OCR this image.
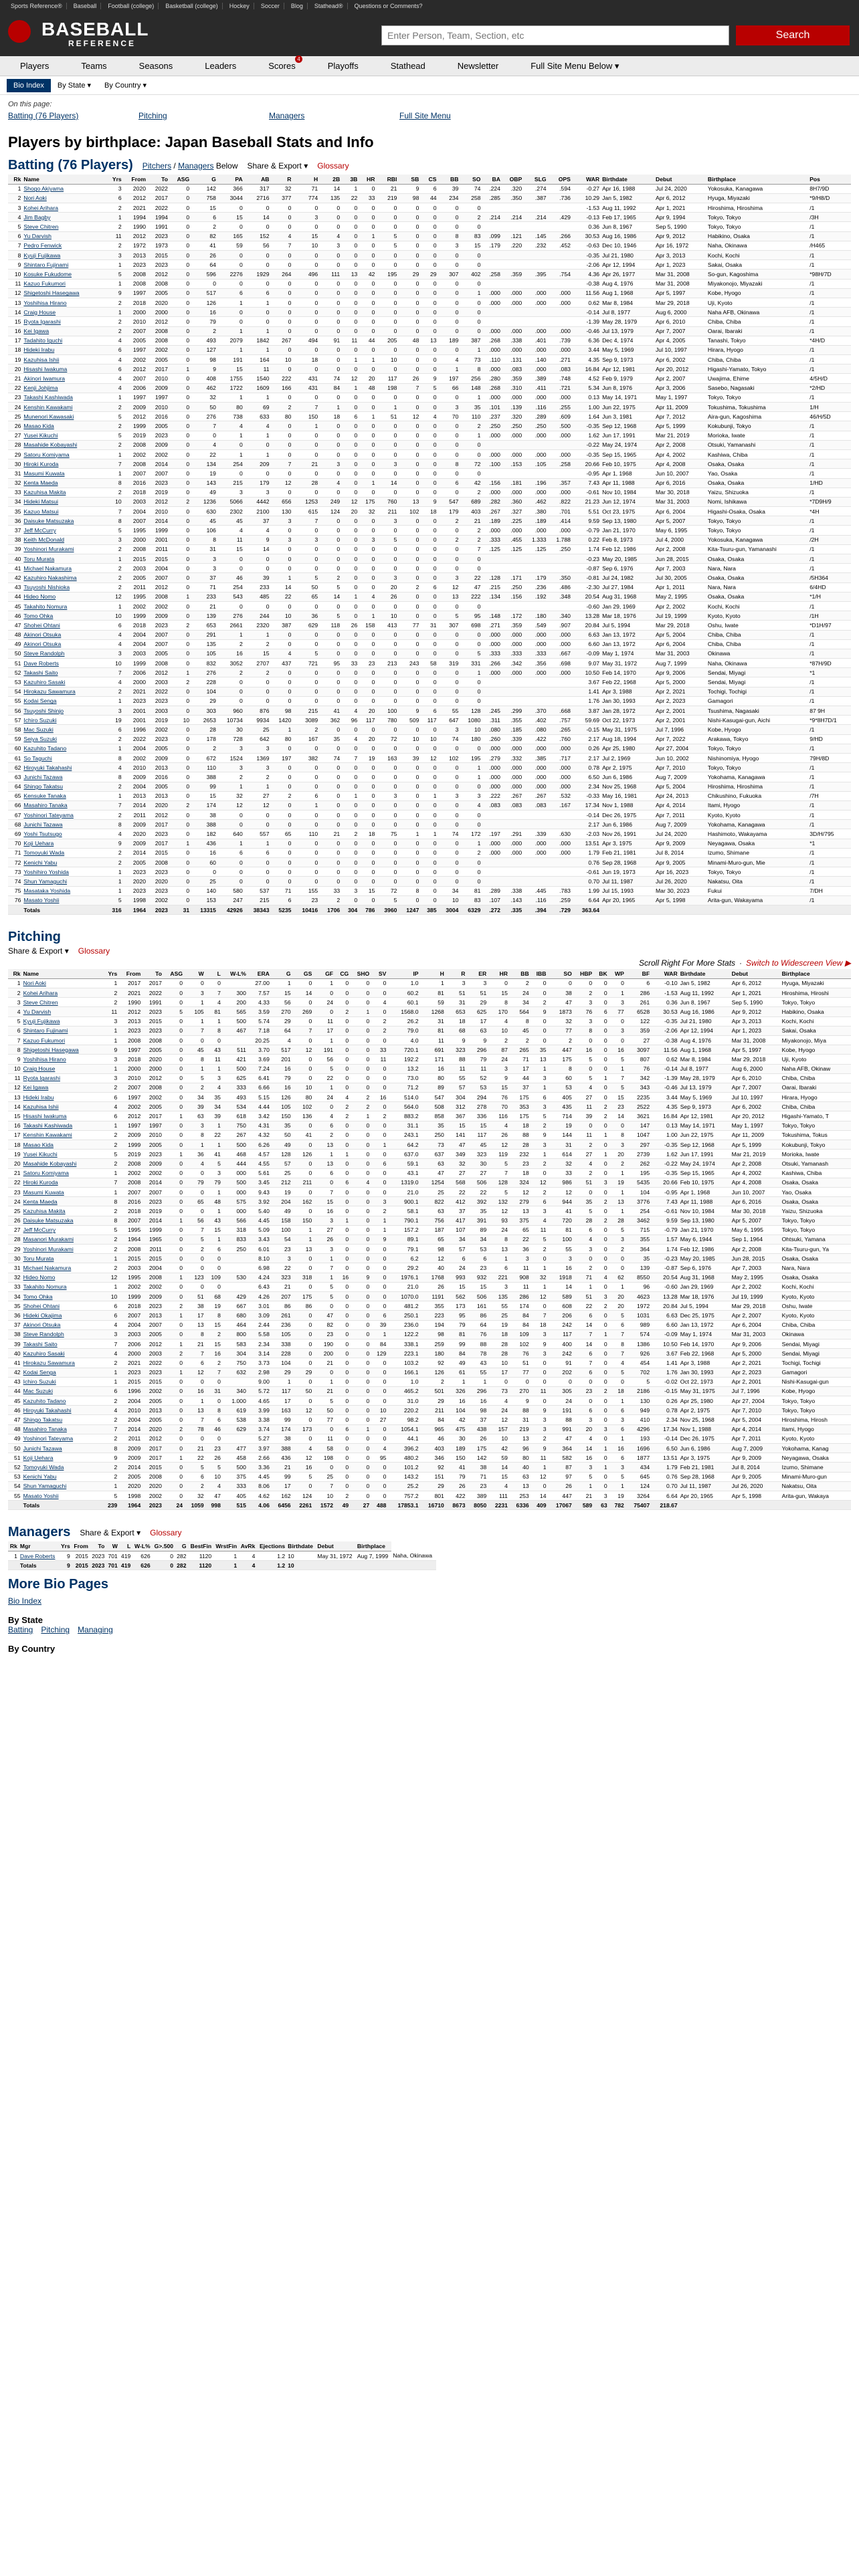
Sports Reference®	Baseball	Football (college)	Basketball (college)	Hockey	Soccer	Blog	Stathead®	Questions or Comments?
BASEBALL
REFERENCE
Enter Person, Team, Section, etc
Search
Players	Teams	Seasons	Leaders	Scores
4
Playoffs	Stathead	Newsletter	Full Site Menu Below ▾
Bio Index	By State ▾	By Country ▾
On this page:
Batting (76 Players)	Pitching	Managers	Full Site Menu
Players by birthplace: Japan Baseball Stats and Info
Batting (76 Players) Pitchers / Managers Below Share & Export ▾ Glossary
Rk	Name	Yrs	From	To	ASG	G	PA	AB	R	H	2B	3B	HR	RBI	SB	CS	BB	SO	BA	OBP	SLG	OPS	WAR	Birthdate	Debut	Birthplace	Pos
1	Shogo Akiyama	3	2020	2022	0	142	366	317	32	71	14	1	0	21	9	6	39	74	.224	.320	.274	.594	-0.27	Apr 16, 1988	Jul 24, 2020	Yokosuka, Kanagawa	8H7/9D
2	Nori Aoki	6	2012	2017	0	758	3044	2716	377	774	135	22	33	219	98	44	234	258	.285	.350	.387	.736	10.29	Jan 5, 1982	Apr 6, 2012	Hyuga, Miyazaki	*9/H8/D
3	Kohei Arihara	2	2021	2022	0	15	0	0	0	0	0	0	0	0	0	0	0	0					-1.53	Aug 11, 1992	Apr 1, 2021	Hiroshima, Hiroshima	/1
4	Jim Bagby	1	1994	1994	0	6	15	14	0	3	0	0	0	0	0	0	0	2	.214	.214	.214	.429	-0.13	Feb 17, 1965	Apr 9, 1994	Tokyo, Tokyo	/3H
5	Steve Chitren	2	1990	1991	0	2	0	0	0	0	0	0	0	0	0	0	0	0					0.36	Jun 8, 1967	Sep 5, 1990	Tokyo, Tokyo	/1
6	Yu Darvish	11	2012	2023	0	82	165	152	4	15	4	0	1	5	0	0	8	83	.099	.121	.145	.266	30.53	Aug 16, 1986	Apr 9, 2012	Habikino, Osaka	/1
7	Pedro Fenwick	2	1972	1973	0	41	59	56	7	10	3	0	0	5	0	0	3	15	.179	.220	.232	.452	-0.63	Dec 10, 1946	Apr 16, 1972	Naha, Okinawa	/H465
8	Kyuji Fujikawa	3	2013	2015	0	26	0	0	0	0	0	0	0	0	0	0	0	0					-0.35	Jul 21, 1980	Apr 3, 2013	Kochi, Kochi	/1
9	Shintaro Fujinami	1	2023	2023	0	64	0	0	0	0	0	0	0	0	0	0	0	0					-2.06	Apr 12, 1994	Apr 1, 2023	Sakai, Osaka	/1
10	Kosuke Fukudome	5	2008	2012	0	596	2276	1929	264	496	111	13	42	195	29	29	307	402	.258	.359	.395	.754	4.36	Apr 26, 1977	Mar 31, 2008	So-gun, Kagoshima	*98H/7D
11	Kazuo Fukumori	1	2008	2008	0	0	0	0	0	0	0	0	0	0	0	0	0	0					-0.38	Aug 4, 1976	Mar 31, 2008	Miyakonojo, Miyazaki	/1
12	Shigetoshi Hasegawa	9	1997	2005	0	517	6	6	0	0	0	0	0	0	0	0	0	1	.000	.000	.000	.000	11.56	Aug 1, 1968	Apr 5, 1997	Kobe, Hyogo	/1
13	Yoshihisa Hirano	2	2018	2020	0	126	1	1	0	0	0	0	0	0	0	0	0	0	.000	.000	.000	.000	0.62	Mar 8, 1984	Mar 29, 2018	Uji, Kyoto	/1
14	Craig House	1	2000	2000	0	16	0	0	0	0	0	0	0	0	0	0	0	0					-0.14	Jul 8, 1977	Aug 6, 2000	Naha AFB, Okinawa	/1
15	Ryota Igarashi	2	2010	2012	0	79	0	0	0	0	0	0	0	0	0	0	0	0					-1.39	May 28, 1979	Apr 6, 2010	Chiba, Chiba	/1
16	Kei Igawa	2	2007	2008	0	2	1	1	0	0	0	0	0	0	0	0	0	0	.000	.000	.000	.000	-0.46	Jul 13, 1979	Apr 7, 2007	Oarai, Ibaraki	/1
17	Tadahito Iguchi	4	2005	2008	0	493	2079	1842	267	494	91	11	44	205	48	13	189	387	.268	.338	.401	.739	6.36	Dec 4, 1974	Apr 4, 2005	Tanashi, Tokyo	*4H/D
18	Hideki Irabu	6	1997	2002	0	127	1	1	0	0	0	0	0	0	0	0	0	1	.000	.000	.000	.000	3.44	May 5, 1969	Jul 10, 1997	Hirara, Hyogo	/1
19	Kazuhisa Ishii	4	2002	2005	0	98	191	164	10	18	0	1	1	10	0	0	4	73	.110	.131	.140	.271	4.35	Sep 9, 1973	Apr 6, 2002	Chiba, Chiba	/1
20	Hisashi Iwakuma	6	2012	2017	1	9	15	11	0	0	0	0	0	0	0	0	1	8	.000	.083	.000	.083	16.84	Apr 12, 1981	Apr 20, 2012	Higashi-Yamato, Tokyo	/1
21	Akinori Iwamura	4	2007	2010	0	408	1755	1540	222	431	74	12	20	117	26	9	197	256	.280	.359	.389	.748	4.52	Feb 9, 1979	Apr 2, 2007	Uwajima, Ehime	4/5H/D
22	Kenji Johjima	4	2006	2009	0	462	1722	1609	166	431	84	1	48	198	7	5	66	148	.268	.310	.411	.721	5.34	Jun 8, 1976	Apr 3, 2006	Sasebo, Nagasaki	*2/HD
23	Takashi Kashiwada	1	1997	1997	0	32	1	1	0	0	0	0	0	0	0	0	0	1	.000	.000	.000	.000	0.13	May 14, 1971	May 1, 1997	Tokyo, Tokyo	/1
24	Kenshin Kawakami	2	2009	2010	0	50	80	69	2	7	1	0	0	1	0	0	3	35	.101	.139	.116	.255	1.00	Jun 22, 1975	Apr 11, 2009	Tokushima, Tokushima	1/H
25	Munenori Kawasaki	5	2012	2016	0	276	738	633	80	150	18	6	1	51	12	4	70	110	.237	.320	.289	.609	1.64	Jun 3, 1981	Apr 7, 2012	Aira-gun, Kagoshima	46/H/5D
26	Masao Kida	2	1999	2005	0	7	4	4	0	1	0	0	0	0	0	0	0	2	.250	.250	.250	.500	-0.35	Sep 12, 1968	Apr 5, 1999	Kokubunji, Tokyo	/1
27	Yusei Kikuchi	5	2019	2023	0	0	1	1	0	0	0	0	0	0	0	0	0	1	.000	.000	.000	.000	1.62	Jun 17, 1991	Mar 21, 2019	Morioka, Iwate	/1
28	Masahide Kobayashi	2	2008	2009	0	4	0	0	0	0	0	0	0	0	0	0	0	0					-0.22	May 24, 1974	Apr 2, 2008	Otsuki, Yamanashi	/1
29	Satoru Komiyama	1	2002	2002	0	22	1	1	0	0	0	0	0	0	0	0	0	0	.000	.000	.000	.000	-0.35	Sep 15, 1965	Apr 4, 2002	Kashiwa, Chiba	/1
30	Hiroki Kuroda	7	2008	2014	0	134	254	209	7	21	3	0	0	3	0	0	8	72	.100	.153	.105	.258	20.66	Feb 10, 1975	Apr 4, 2008	Osaka, Osaka	/1
31	Masumi Kuwata	1	2007	2007	0	19	0	0	0	0	0	0	0	0	0	0	0	0					-0.95	Apr 1, 1968	Jun 10, 2007	Yao, Osaka	/1
32	Kenta Maeda	8	2016	2023	0	143	215	179	12	28	4	0	1	14	0	0	6	42	.156	.181	.196	.357	7.43	Apr 11, 1988	Apr 6, 2016	Osaka, Osaka	1/HD
33	Kazuhisa Makita	2	2018	2019	0	49	3	3	0	0	0	0	0	0	0	0	0	2	.000	.000	.000	.000	-0.61	Nov 10, 1984	Mar 30, 2018	Yaizu, Shizuoka	/1
34	Hideki Matsui	10	2003	2012	2	1236	5066	4442	656	1253	249	12	175	760	13	9	547	689	.282	.360	.462	.822	21.23	Jun 12, 1974	Mar 31, 2003	Nomi, Ishikawa	*7D9H/9
35	Kazuo Matsui	7	2004	2010	0	630	2302	2100	130	615	124	20	32	211	102	18	179	403	.267	.327	.380	.701	5.51	Oct 23, 1975	Apr 6, 2004	Higashi-Osaka, Osaka	*4H
36	Daisuke Matsuzaka	8	2007	2014	0	45	45	37	3	7	0	0	0	3	0	0	2	21	.189	.225	.189	.414	9.59	Sep 13, 1980	Apr 5, 2007	Tokyo, Tokyo	/1
37	Jeff McCurry	5	1995	1999	0	106	4	4	0	0	0	0	0	0	0	0	0	2	.000	.000	.000	.000	-0.79	Jan 21, 1970	May 6, 1995	Tokyo, Tokyo	/1
38	Keith McDonald	3	2000	2001	0	8	11	9	3	3	0	0	3	5	0	0	2	2	.333	.455	1.333	1.788	0.22	Feb 8, 1973	Jul 4, 2000	Yokosuka, Kanagawa	/2H
39	Yoshinori Murakami	2	2008	2011	0	31	15	14	0	0	0	0	0	0	0	0	0	7	.125	.125	.125	.250	1.74	Feb 12, 1986	Apr 2, 2008	Kita-Tsuru-gun, Yamanashi	/1
40	Toru Murata	1	2015	2015	0	3	0	0	0	0	0	0	0	0	0	0	0	0					-0.23	May 20, 1985	Jun 28, 2015	Osaka, Osaka	/1
41	Michael Nakamura	2	2003	2004	0	3	0	0	0	0	0	0	0	0	0	0	0	0					-0.87	Sep 6, 1976	Apr 7, 2003	Nara, Nara	/1
42	Kazuhiro Nakashima	2	2005	2007	0	37	46	39	1	5	2	0	0	3	0	0	3	22	.128	.171	.179	.350	-0.81	Jul 24, 1982	Jul 30, 2005	Osaka, Osaka	/5H364
43	Tsuyoshi Nishioka	2	2011	2012	0	71	254	233	14	50	5	0	0	20	2	6	12	47	.215	.250	.236	.486	-2.30	Jul 27, 1984	Apr 1, 2011	Nara, Nara	6/4HD
44	Hideo Nomo	12	1995	2008	1	233	543	485	22	65	14	1	4	26	0	0	13	222	.134	.156	.192	.348	20.54	Aug 31, 1968	May 2, 1995	Osaka, Osaka	*1/H
45	Takahito Nomura	1	2002	2002	0	21	0	0	0	0	0	0	0	0	0	0	0	0					-0.60	Jan 29, 1969	Apr 2, 2002	Kochi, Kochi	/1
46	Tomo Ohka	10	1999	2009	0	139	276	244	10	36	5	0	1	10	0	0	5	95	.148	.172	.180	.340	13.28	Mar 18, 1976	Jul 19, 1999	Kyoto, Kyoto	/1H
47	Shohei Ohtani	6	2018	2023	2	653	2661	2320	387	629	118	26	158	413	77	31	307	698	.271	.359	.549	.907	20.84	Jul 5, 1994	Mar 29, 2018	Oshu, Iwate	*D1H/97
48	Akinori Otsuka	4	2004	2007	0	291	1	1	0	0	0	0	0	0	0	0	0	0	.000	.000	.000	.000	6.63	Jan 13, 1972	Apr 5, 2004	Chiba, Chiba	/1
49	Akinori Otsuka	4	2004	2007	0	135	2	2	0	0	0	0	0	0	0	0	0	0	.000	.000	.000	.000	6.60	Jan 13, 1972	Apr 6, 2004	Chiba, Chiba	/1
50	Steve Randolph	3	2003	2005	0	105	16	15	4	5	0	0	0	0	0	0	0	5	.333	.333	.333	.667	-0.09	May 1, 1974	Mar 31, 2003	Okinawa	/1
51	Dave Roberts	10	1999	2008	0	832	3052	2707	437	721	95	33	23	213	243	58	319	331	.266	.342	.356	.698	9.07	May 31, 1972	Aug 7, 1999	Naha, Okinawa	*87H/9D
52	Takashi Saito	7	2006	2012	1	276	2	2	0	0	0	0	0	0	0	0	0	1	.000	.000	.000	.000	10.50	Feb 14, 1970	Apr 9, 2006	Sendai, Miyagi	*1
53	Kazuhiro Sasaki	4	2000	2003	2	228	0	0	0	0	0	0	0	0	0	0	0	0					3.67	Feb 22, 1968	Apr 5, 2000	Sendai, Miyagi	/1
54	Hirokazu Sawamura	2	2021	2022	0	104	0	0	0	0	0	0	0	0	0	0	0	0					1.41	Apr 3, 1988	Apr 2, 2021	Tochigi, Tochigi	/1
55	Kodai Senga	1	2023	2023	0	29	0	0	0	0	0	0	0	0	0	0	0	0					1.76	Jan 30, 1993	Apr 2, 2023	Gamagori	/1
56	Tsuyoshi Shinjo	3	2001	2003	0	303	960	876	98	215	41	4	20	100	9	6	55	128	.245	.299	.370	.668	3.87	Jan 28, 1972	Apr 2, 2001	Tsushima, Nagasaki	87 9H
57	Ichiro Suzuki	19	2001	2019	10	2653	10734	9934	1420	3089	362	96	117	780	509	117	647	1080	.311	.355	.402	.757	59.69	Oct 22, 1973	Apr 2, 2001	Nishi-Kasugai-gun, Aichi	*9*8H7D/1
58	Mac Suzuki	6	1996	2002	0	28	30	25	1	2	0	0	0	0	0	0	3	10	.080	.185	.080	.265	-0.15	May 31, 1975	Jul 7, 1996	Kobe, Hyogo	/1
59	Seiya Suzuki	2	2022	2023	0	178	728	642	80	167	35	4	20	72	10	10	74	180	.260	.339	.422	.760	2.17	Aug 18, 1994	Apr 7, 2022	Arakawa, Tokyo	9/HD
60	Kazuhito Tadano	1	2004	2005	0	2	3	3	0	0	0	0	0	0	0	0	0	0	.000	.000	.000	.000	0.26	Apr 25, 1980	Apr 27, 2004	Tokyo, Tokyo	/1
61	So Taguchi	8	2002	2009	0	672	1524	1369	197	382	74	7	19	163	39	12	102	195	.279	.332	.385	.717	2.17	Jul 2, 1969	Jun 10, 2002	Nishinomiya, Hyogo	79H/8D
62	Hiroyuki Takahashi	4	2010	2013	0	110	3	3	0	0	0	0	0	0	0	0	0	1	.000	.000	.000	.000	0.78	Apr 2, 1975	Apr 7, 2010	Tokyo, Tokyo	/1
63	Junichi Tazawa	8	2009	2016	0	388	2	2	0	0	0	0	0	0	0	0	0	1	.000	.000	.000	.000	6.50	Jun 6, 1986	Aug 7, 2009	Yokohama, Kanagawa	/1
64	Shingo Takatsu	2	2004	2005	0	99	1	1	0	0	0	0	0	0	0	0	0	0	.000	.000	.000	.000	2.34	Nov 25, 1968	Apr 5, 2004	Hiroshima, Hiroshima	/1
65	Kensuke Tanaka	1	2013	2013	0	15	32	27	2	6	0	1	0	3	0	1	3	3	.222	.267	.267	.532	-0.33	May 16, 1981	Apr 24, 2013	Chikushino, Fukuoka	/7H
66	Masahiro Tanaka	7	2014	2020	2	174	12	12	0	1	0	0	0	0	0	0	0	4	.083	.083	.083	.167	17.34	Nov 1, 1988	Apr 4, 2014	Itami, Hyogo	/1
67	Yoshinori Tateyama	2	2011	2012	0	38	0	0	0	0	0	0	0	0	0	0	0	0					-0.14	Dec 26, 1975	Apr 7, 2011	Kyoto, Kyoto	/1
68	Junichi Tazawa	8	2009	2017	0	388	0	0	0	0	0	0	0	0	0	0	0	0					2.17	Jun 6, 1986	Aug 7, 2009	Yokohama, Kanagawa	/1
69	Yoshi Tsutsugo	4	2020	2023	0	182	640	557	65	110	21	2	18	75	1	1	74	172	.197	.291	.339	.630	-2.03	Nov 26, 1991	Jul 24, 2020	Hashimoto, Wakayama	3D/H/795
70	Koji Uehara	9	2009	2017	1	436	1	1	0	0	0	0	0	0	0	0	0	1	.000	.000	.000	.000	13.51	Apr 3, 1975	Apr 9, 2009	Neyagawa, Osaka	*1
71	Tomoyuki Wada	2	2014	2015	0	16	6	6	0	0	0	0	0	0	0	0	0	2	.000	.000	.000	.000	1.79	Feb 21, 1981	Jul 8, 2014	Izumo, Shimane	/1
72	Kenichi Yabu	2	2005	2008	0	60	0	0	0	0	0	0	0	0	0	0	0	0					0.76	Sep 28, 1968	Apr 9, 2005	Minami-Muro-gun, Mie	/1
73	Yoshihiro Yoshida	1	2023	2023	0	0	0	0	0	0	0	0	0	0	0	0	0	0					-0.61	Jun 19, 1973	Apr 16, 2023	Tokyo, Tokyo	/1
74	Shun Yamaguchi	1	2020	2020	0	25	0	0	0	0	0	0	0	0	0	0	0	0					0.70	Jul 11, 1987	Jul 26, 2020	Nakatsu, Oita	/1
75	Masataka Yoshida	1	2023	2023	0	140	580	537	71	155	33	3	15	72	8	0	34	81	.289	.338	.445	.783	1.99	Jul 15, 1993	Mar 30, 2023	Fukui	7/DH
76	Masato Yoshii	5	1998	2002	0	153	247	215	6	23	2	0	0	5	0	0	10	83	.107	.143	.116	.259	6.64	Apr 20, 1965	Apr 5, 1998	Arita-gun, Wakayama	/1
	Totals	316	1964	2023	31	13315	42926	38343	5235	10416	1706	304	786	3960	1247	385	3004	6329	.272	.335	.394	.729	363.64				
Pitching
Share & Export ▾ Glossary
Scroll Right For More Stats · Switch to Widescreen View ▶
Rk	Name	Yrs	From	To	ASG	W	L	W-L%	ERA	G	GS	GF	CG	SHO	SV	IP	H	R	ER	HR	BB	IBB	SO	HBP	BK	WP	BF	WAR	Birthdate	Debut	Birthplace
1	Nori Aoki	1	2017	2017	0	0	0		27.00	1	0	1	0	0	0	1.0	1	3	3	0	2	0	0	0	0	0	6	-0.10	Jan 5, 1982	Apr 6, 2012	Hyuga, Miyazaki
2	Kohei Arihara	2	2021	2022	0	3	7	300	7.57	15	14	0	0	0	0	60.2	81	51	51	15	24	0	38	2	0	1	286	-1.53	Aug 11, 1992	Apr 1, 2021	Hiroshima, Hiroshi
3	Steve Chitren	2	1990	1991	0	1	4	200	4.33	56	0	24	0	0	4	60.1	59	31	29	8	34	2	47	3	0	3	261	0.36	Jun 8, 1967	Sep 5, 1990	Tokyo, Tokyo
4	Yu Darvish	11	2012	2023	5	105	81	565	3.59	270	269	0	2	1	0	1568.0	1268	653	625	170	564	9	1873	76	6	77	6528	30.53	Aug 16, 1986	Apr 9, 2012	Habikino, Osaka
5	Kyuji Fujikawa	3	2013	2015	0	1	1	500	5.74	29	0	11	0	0	2	26.2	31	18	17	4	8	0	32	3	0	0	122	-0.35	Jul 21, 1980	Apr 3, 2013	Kochi, Kochi
6	Shintaro Fujinami	1	2023	2023	0	7	8	467	7.18	64	7	17	0	0	2	79.0	81	68	63	10	45	0	77	8	0	3	359	-2.06	Apr 12, 1994	Apr 1, 2023	Sakai, Osaka
7	Kazuo Fukumori	1	2008	2008	0	0	0		20.25	4	0	1	0	0	0	4.0	11	9	9	2	2	0	2	0	0	0	27	-0.38	Aug 4, 1976	Mar 31, 2008	Miyakonojo, Miya
8	Shigetoshi Hasegawa	9	1997	2005	0	45	43	511	3.70	517	12	191	0	0	33	720.1	691	323	296	87	265	35	447	16	0	16	3097	11.56	Aug 1, 1968	Apr 5, 1997	Kobe, Hyogo
9	Yoshihisa Hirano	3	2018	2020	0	8	11	421	3.69	201	0	56	0	0	11	192.2	171	88	79	24	71	13	175	5	0	5	807	0.62	Mar 8, 1984	Mar 29, 2018	Uji, Kyoto
10	Craig House	1	2000	2000	0	1	1	500	7.24	16	0	5	0	0	0	13.2	16	11	11	3	17	1	8	0	0	1	76	-0.14	Jul 8, 1977	Aug 6, 2000	Naha AFB, Okinaw
11	Ryota Igarashi	3	2010	2012	0	5	3	625	6.41	79	0	22	0	0	0	73.0	80	55	52	9	44	3	60	5	1	7	342	-1.39	May 28, 1979	Apr 6, 2010	Chiba, Chiba
12	Kei Igawa	2	2007	2008	0	2	4	333	6.66	16	10	1	0	0	0	71.2	89	57	53	15	37	1	53	4	0	5	343	-0.46	Jul 13, 1979	Apr 7, 2007	Oarai, Ibaraki
13	Hideki Irabu	6	1997	2002	0	34	35	493	5.15	126	80	24	4	2	16	514.0	547	304	294	76	175	6	405	27	0	15	2235	3.44	May 5, 1969	Jul 10, 1997	Hirara, Hyogo
14	Kazuhisa Ishii	4	2002	2005	0	39	34	534	4.44	105	102	0	2	2	0	564.0	508	312	278	70	353	3	435	11	2	23	2522	4.35	Sep 9, 1973	Apr 6, 2002	Chiba, Chiba
15	Hisashi Iwakuma	6	2012	2017	1	63	39	618	3.42	150	136	4	2	1	2	883.2	858	367	336	116	175	5	714	39	2	14	3621	16.84	Apr 12, 1981	Apr 20, 2012	Higashi-Yamato, T
16	Takashi Kashiwada	1	1997	1997	0	3	1	750	4.31	35	0	6	0	0	0	31.1	35	15	15	4	18	2	19	0	0	0	147	0.13	May 14, 1971	May 1, 1997	Tokyo, Tokyo
17	Kenshin Kawakami	2	2009	2010	0	8	22	267	4.32	50	41	2	0	0	0	243.1	250	141	117	26	88	9	144	11	1	8	1047	1.00	Jun 22, 1975	Apr 11, 2009	Tokushima, Tokus
18	Masao Kida	2	1999	2005	0	1	1	500	6.26	49	0	13	0	0	1	64.2	73	47	45	12	28	3	31	2	0	3	297	-0.35	Sep 12, 1968	Apr 5, 1999	Kokubunji, Tokyo
19	Yusei Kikuchi	5	2019	2023	1	36	41	468	4.57	128	126	1	1	0	0	637.0	637	349	323	119	232	1	614	27	1	20	2739	1.62	Jun 17, 1991	Mar 21, 2019	Morioka, Iwate
20	Masahide Kobayashi	2	2008	2009	0	4	5	444	4.55	57	0	13	0	0	6	59.1	63	32	30	5	23	2	32	4	0	2	262	-0.22	May 24, 1974	Apr 2, 2008	Otsuki, Yamanash
21	Satoru Komiyama	1	2002	2002	0	0	3	000	5.61	25	0	6	0	0	0	43.1	47	27	27	7	18	0	33	2	0	1	195	-0.35	Sep 15, 1965	Apr 4, 2002	Kashiwa, Chiba
22	Hiroki Kuroda	7	2008	2014	0	79	79	500	3.45	212	211	0	6	4	0	1319.0	1254	568	506	128	324	12	986	51	3	19	5435	20.66	Feb 10, 1975	Apr 4, 2008	Osaka, Osaka
23	Masumi Kuwata	1	2007	2007	0	0	1	000	9.43	19	0	7	0	0	0	21.0	25	22	22	5	12	2	12	0	0	1	104	-0.95	Apr 1, 1968	Jun 10, 2007	Yao, Osaka
24	Kenta Maeda	8	2016	2023	0	65	48	575	3.92	204	162	15	0	0	3	900.1	822	412	392	132	279	6	944	35	2	13	3776	7.43	Apr 11, 1988	Apr 6, 2016	Osaka, Osaka
25	Kazuhisa Makita	2	2018	2019	0	0	1	000	5.40	49	0	16	0	0	2	58.1	63	37	35	12	13	3	41	5	0	1	254	-0.61	Nov 10, 1984	Mar 30, 2018	Yaizu, Shizuoka
26	Daisuke Matsuzaka	8	2007	2014	1	56	43	566	4.45	158	150	3	1	0	1	790.1	756	417	391	93	375	4	720	28	2	28	3462	9.59	Sep 13, 1980	Apr 5, 2007	Tokyo, Tokyo
27	Jeff McCurry	5	1995	1999	0	7	15	318	5.09	100	1	27	0	0	1	157.2	187	107	89	24	65	11	81	6	0	5	715	-0.79	Jan 21, 1970	May 6, 1995	Tokyo, Tokyo
28	Masanori Murakami	2	1964	1965	0	5	1	833	3.43	54	1	26	0	0	9	89.1	65	34	34	8	22	5	100	4	0	3	355	1.57	May 6, 1944	Sep 1, 1964	Ohtsuki, Yamana
29	Yoshinori Murakami	2	2008	2011	0	2	6	250	6.01	23	13	3	0	0	0	79.1	98	57	53	13	36	2	55	3	0	2	364	1.74	Feb 12, 1986	Apr 2, 2008	Kita-Tsuru-gun, Ya
30	Toru Murata	1	2015	2015	0	0	0		8.10	3	0	1	0	0	0	6.2	12	6	6	1	3	0	3	0	0	0	35	-0.23	May 20, 1985	Jun 28, 2015	Osaka, Osaka
31	Michael Nakamura	2	2003	2004	0	0	0		6.98	22	0	7	0	0	0	29.2	40	24	23	6	11	1	16	2	0	0	139	-0.87	Sep 6, 1976	Apr 7, 2003	Nara, Nara
32	Hideo Nomo	12	1995	2008	1	123	109	530	4.24	323	318	1	16	9	0	1976.1	1768	993	932	221	908	32	1918	71	4	62	8550	20.54	Aug 31, 1968	May 2, 1995	Osaka, Osaka
33	Takahito Nomura	1	2002	2002	0	0	0		6.43	21	0	5	0	0	0	21.0	26	15	15	3	11	1	14	1	0	1	96	-0.60	Jan 29, 1969	Apr 2, 2002	Kochi, Kochi
34	Tomo Ohka	10	1999	2009	0	51	68	429	4.26	207	175	5	0	0	0	1070.0	1191	562	506	135	286	12	589	51	3	20	4623	13.28	Mar 18, 1976	Jul 19, 1999	Kyoto, Kyoto
35	Shohei Ohtani	6	2018	2023	2	38	19	667	3.01	86	86	0	0	0	0	481.2	355	173	161	55	174	0	608	22	2	20	1972	20.84	Jul 5, 1994	Mar 29, 2018	Oshu, Iwate
36	Hideki Okajima	6	2007	2013	1	17	8	680	3.09	261	0	47	0	0	6	250.1	223	95	86	25	84	7	206	6	0	5	1031	6.63	Dec 25, 1975	Apr 2, 2007	Kyoto, Kyoto
37	Akinori Otsuka	4	2004	2007	0	13	15	464	2.44	236	0	82	0	0	39	236.0	194	79	64	19	84	18	242	14	0	6	989	6.60	Jan 13, 1972	Apr 6, 2004	Chiba, Chiba
38	Steve Randolph	3	2003	2005	0	8	2	800	5.58	105	0	23	0	0	1	122.2	98	81	76	18	109	3	117	7	1	7	574	-0.09	May 1, 1974	Mar 31, 2003	Okinawa
39	Takashi Saito	7	2006	2012	1	21	15	583	2.34	338	0	190	0	0	84	338.1	259	99	88	28	102	9	400	14	0	8	1386	10.50	Feb 14, 1970	Apr 9, 2006	Sendai, Miyagi
40	Kazuhiro Sasaki	4	2000	2003	2	7	16	304	3.14	228	0	200	0	0	129	223.1	180	84	78	28	76	3	242	6	0	7	926	3.67	Feb 22, 1968	Apr 5, 2000	Sendai, Miyagi
41	Hirokazu Sawamura	2	2021	2022	0	6	2	750	3.73	104	0	21	0	0	0	103.2	92	49	43	10	51	0	91	7	0	4	454	1.41	Apr 3, 1988	Apr 2, 2021	Tochigi, Tochigi
42	Kodai Senga	1	2023	2023	1	12	7	632	2.98	29	29	0	0	0	0	166.1	126	61	55	17	77	0	202	6	0	5	702	1.76	Jan 30, 1993	Apr 2, 2023	Gamagori
43	Ichiro Suzuki	1	2015	2015	0	0	0		9.00	1	0	1	0	0	0	1.0	2	1	1	0	0	0	0	0	0	0	5	-0.02	Oct 22, 1973	Apr 2, 2001	Nishi-Kasugai-gun
44	Mac Suzuki	6	1996	2002	0	16	31	340	5.72	117	50	21	0	0	0	465.2	501	326	296	73	270	11	305	23	2	18	2186	-0.15	May 31, 1975	Jul 7, 1996	Kobe, Hyogo
45	Kazuhito Tadano	2	2004	2005	0	1	0	1.000	4.65	17	0	5	0	0	0	31.0	29	16	16	4	9	0	24	0	0	1	130	0.26	Apr 25, 1980	Apr 27, 2004	Tokyo, Tokyo
46	Hiroyuki Takahashi	4	2010	2013	0	13	8	619	3.99	163	12	50	0	0	10	220.2	211	104	98	24	88	9	191	6	0	6	949	0.78	Apr 2, 1975	Apr 7, 2010	Tokyo, Tokyo
47	Shingo Takatsu	2	2004	2005	0	7	6	538	3.38	99	0	77	0	0	27	98.2	84	42	37	12	31	3	88	3	0	3	410	2.34	Nov 25, 1968	Apr 5, 2004	Hiroshima, Hirosh
48	Masahiro Tanaka	7	2014	2020	2	78	46	629	3.74	174	173	0	6	1	0	1054.1	965	475	438	157	219	3	991	20	3	6	4296	17.34	Nov 1, 1988	Apr 4, 2014	Itami, Hyogo
49	Yoshinori Tateyama	2	2011	2012	0	0	0		5.27	38	0	11	0	0	0	44.1	46	30	26	10	13	2	47	4	0	1	193	-0.14	Dec 26, 1975	Apr 7, 2011	Kyoto, Kyoto
50	Junichi Tazawa	8	2009	2017	0	21	23	477	3.97	388	4	58	0	0	4	396.2	403	189	175	42	96	9	364	14	1	16	1696	6.50	Jun 6, 1986	Aug 7, 2009	Yokohama, Kanag
51	Koji Uehara	9	2009	2017	1	22	26	458	2.66	436	12	198	0	0	95	480.2	346	150	142	59	80	11	582	16	0	6	1877	13.51	Apr 3, 1975	Apr 9, 2009	Neyagawa, Osaka
52	Tomoyuki Wada	2	2014	2015	0	5	5	500	3.36	21	16	0	0	0	0	101.2	92	41	38	14	40	1	87	3	1	3	434	1.79	Feb 21, 1981	Jul 8, 2014	Izumo, Shimane
53	Kenichi Yabu	2	2005	2008	0	6	10	375	4.45	99	5	25	0	0	0	143.2	151	79	71	15	63	12	97	5	0	5	645	0.76	Sep 28, 1968	Apr 9, 2005	Minami-Muro-gun
54	Shun Yamaguchi	1	2020	2020	0	2	4	333	8.06	17	0	7	0	0	0	25.2	29	26	23	4	13	0	26	1	0	1	124	0.70	Jul 11, 1987	Jul 26, 2020	Nakatsu, Oita
55	Masato Yoshii	5	1998	2002	0	32	47	405	4.62	162	124	10	2	0	0	757.2	801	422	389	111	253	14	447	21	3	19	3264	6.64	Apr 20, 1965	Apr 5, 1998	Arita-gun, Wakaya
	Totals	239	1964	2023	24	1059	998	515	4.06	6456	2261	1572	49	27	488	17853.1	16710	8673	8050	2231	6336	409	17067	589	63	782	75407	218.67			
Managers Share & Export ▾ Glossary
Rk	Mgr	Yrs	From	To	W	L	W-L%	G>.500	G	BestFin	WrstFin	AvRk	Ejections	Birthdate	Debut	Birthplace	
1	Dave Roberts	9	2015	2023	701	419	626	0	282	1120	1	4	1.2	10	May 31, 1972	Aug 7, 1999	Naha, Okinawa
	Totals	9	2015	2023	701	419	626	0	282	1120	1	4	1.2	10			
More Bio Pages
Bio Index
By State
Batting Pitching Managing
By Country
